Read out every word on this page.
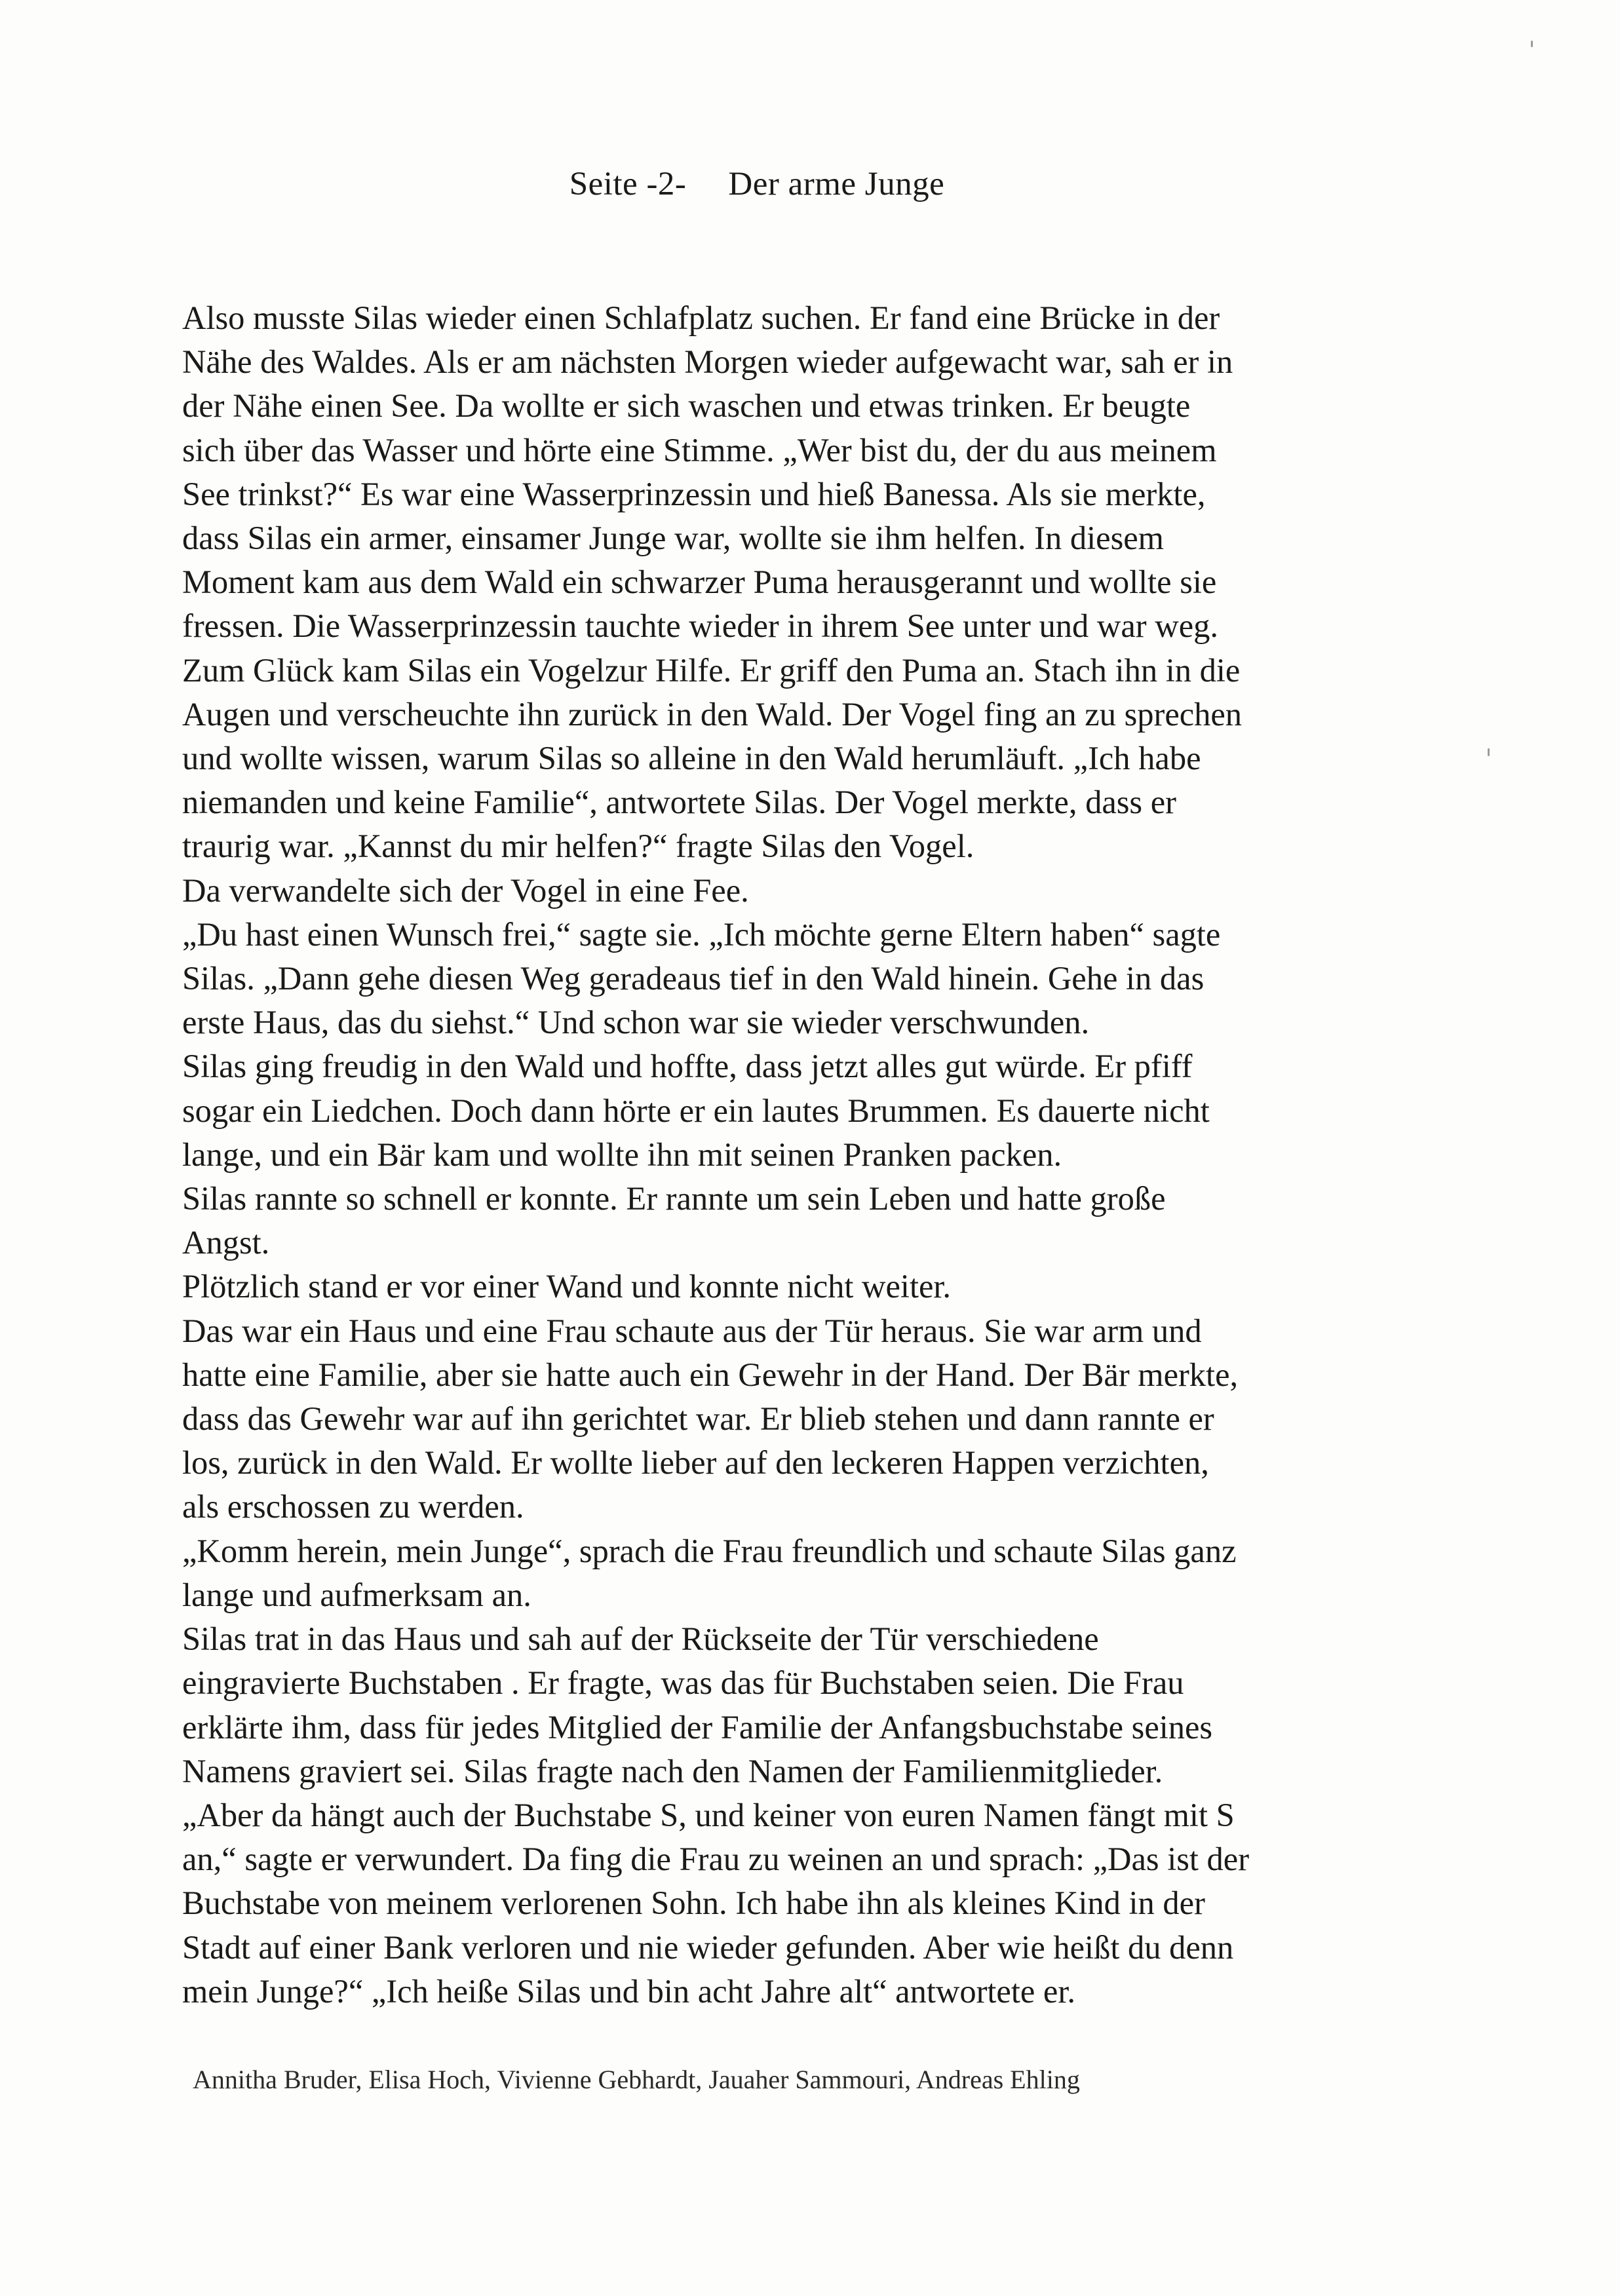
Seite -2- Der arme Junge
Also musste Silas wieder einen Schlafplatz suchen. Er fand eine Brücke in der
Nähe des Waldes. Als er am nächsten Morgen wieder aufgewacht war, sah er in
der Nähe einen See. Da wollte er sich waschen und etwas trinken. Er beugte
sich über das Wasser und hörte eine Stimme. „Wer bist du, der du aus meinem
See trinkst?“ Es war eine Wasserprinzessin und hieß Banessa. Als sie merkte,
dass Silas ein armer, einsamer Junge war, wollte sie ihm helfen. In diesem
Moment kam aus dem Wald ein schwarzer Puma herausgerannt und wollte sie
fressen. Die Wasserprinzessin tauchte wieder in ihrem See unter und war weg.
Zum Glück kam Silas ein Vogelzur Hilfe. Er griff den Puma an. Stach ihn in die
Augen und verscheuchte ihn zurück in den Wald. Der Vogel fing an zu sprechen
und wollte wissen, warum Silas so alleine in den Wald herumläuft. „Ich habe
niemanden und keine Familie“, antwortete Silas. Der Vogel merkte, dass er
traurig war. „Kannst du mir helfen?“ fragte Silas den Vogel.
Da verwandelte sich der Vogel in eine Fee.
„Du hast einen Wunsch frei,“ sagte sie. „Ich möchte gerne Eltern haben“ sagte
Silas. „Dann gehe diesen Weg geradeaus tief in den Wald hinein. Gehe in das
erste Haus, das du siehst.“ Und schon war sie wieder verschwunden.
Silas ging freudig in den Wald und hoffte, dass jetzt alles gut würde. Er pfiff
sogar ein Liedchen. Doch dann hörte er ein lautes Brummen. Es dauerte nicht
lange, und ein Bär kam und wollte ihn mit seinen Pranken packen.
Silas rannte so schnell er konnte. Er rannte um sein Leben und hatte große
Angst.
Plötzlich stand er vor einer Wand und konnte nicht weiter.
Das war ein Haus und eine Frau schaute aus der Tür heraus. Sie war arm und
hatte eine Familie, aber sie hatte auch ein Gewehr in der Hand. Der Bär merkte,
dass das Gewehr war auf ihn gerichtet war. Er blieb stehen und dann rannte er
los, zurück in den Wald. Er wollte lieber auf den leckeren Happen verzichten,
als erschossen zu werden.
„Komm herein, mein Junge“, sprach die Frau freundlich und schaute Silas ganz
lange und aufmerksam an.
Silas trat in das Haus und sah auf der Rückseite der Tür verschiedene
eingravierte Buchstaben . Er fragte, was das für Buchstaben seien. Die Frau
erklärte ihm, dass für jedes Mitglied der Familie der Anfangsbuchstabe seines
Namens graviert sei. Silas fragte nach den Namen der Familienmitglieder.
„Aber da hängt auch der Buchstabe S, und keiner von euren Namen fängt mit S
an,“ sagte er verwundert. Da fing die Frau zu weinen an und sprach: „Das ist der
Buchstabe von meinem verlorenen Sohn. Ich habe ihn als kleines Kind in der
Stadt auf einer Bank verloren und nie wieder gefunden. Aber wie heißt du denn
mein Junge?“ „Ich heiße Silas und bin acht Jahre alt“ antwortete er.
Annitha Bruder, Elisa Hoch, Vivienne Gebhardt, Jauaher Sammouri, Andreas Ehling
